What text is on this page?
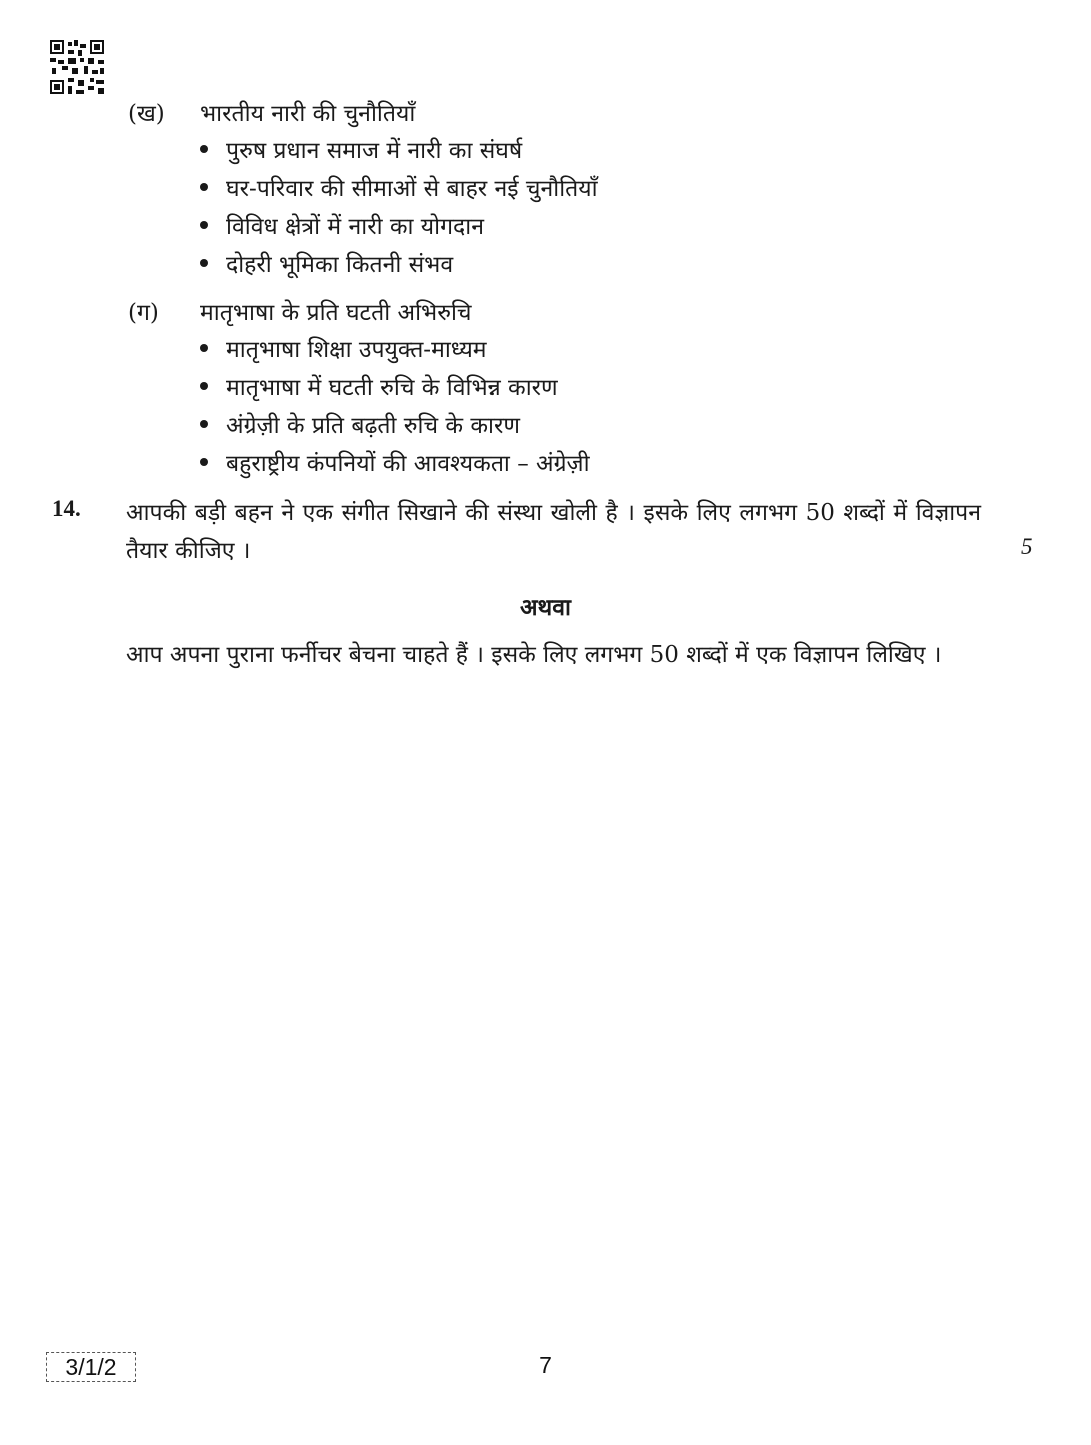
(ख) भारतीय नारी की चुनौतियाँ
पुरुष प्रधान समाज में नारी का संघर्ष
घर-परिवार की सीमाओं से बाहर नई चुनौतियाँ
विविध क्षेत्रों में नारी का योगदान
दोहरी भूमिका कितनी संभव
(ग) मातृभाषा के प्रति घटती अभिरुचि
मातृभाषा शिक्षा उपयुक्त-माध्यम
मातृभाषा में घटती रुचि के विभिन्न कारण
अंग्रेज़ी के प्रति बढ़ती रुचि के कारण
बहुराष्ट्रीय कंपनियों की आवश्यकता – अंग्रेज़ी
14. आपकी बड़ी बहन ने एक संगीत सिखाने की संस्था खोली है । इसके लिए लगभग 50 शब्दों में विज्ञापन तैयार कीजिए ।	5
अथवा
आप अपना पुराना फर्नीचर बेचना चाहते हैं । इसके लिए लगभग 50 शब्दों में एक विज्ञापन लिखिए ।
3/1/2	7
